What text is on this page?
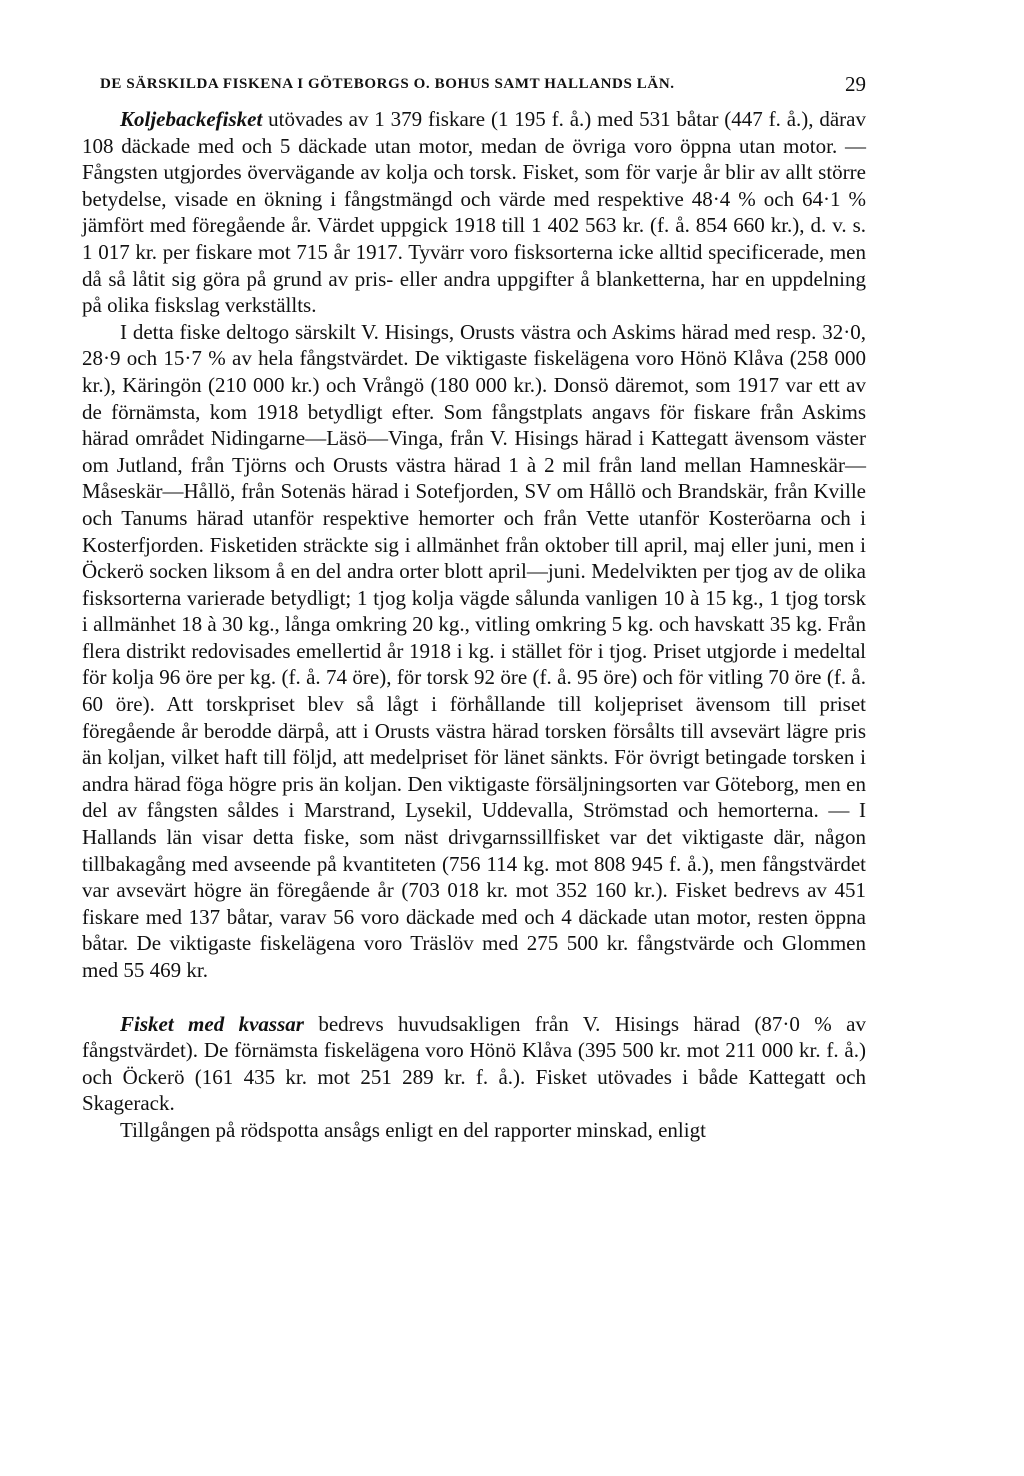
DE SÄRSKILDA FISKENA I GÖTEBORGS O. BOHUS SAMT HALLANDS LÄN.	29

Koljebackefisket utövades av 1 379 fiskare (1 195 f. å.) med 531 båtar (447 f. å.), därav 108 däckade med och 5 däckade utan motor, medan de övriga voro öppna utan motor. — Fångsten utgjordes övervägande av kolja och torsk. Fisket, som för varje år blir av allt större betydelse, visade en ökning i fångstmängd och värde med respektive 48·4 % och 64·1 % jämfört med föregående år. Värdet uppgick 1918 till 1 402 563 kr. (f. å. 854 660 kr.), d. v. s. 1 017 kr. per fiskare mot 715 år 1917. Tyvärr voro fisksorterna icke alltid specificerade, men då så låtit sig göra på grund av pris- eller andra uppgifter å blanketterna, har en uppdelning på olika fiskslag verkställts.

I detta fiske deltogo särskilt V. Hisings, Orusts västra och Askims härad med resp. 32·0, 28·9 och 15·7 % av hela fångstvärdet. De viktigaste fiskelägena voro Hönö Klåva (258 000 kr.), Käringön (210 000 kr.) och Vrångö (180 000 kr.). Donsö däremot, som 1917 var ett av de förnämsta, kom 1918 betydligt efter. Som fångstplats angavs för fiskare från Askims härad området Nidingarne—Läsö—Vinga, från V. Hisings härad i Kattegatt ävensom väster om Jutland, från Tjörns och Orusts västra härad 1 à 2 mil från land mellan Hamneskär—Måseskär—Hållö, från Sotenäs härad i Sotefjorden, SV om Hållö och Brandskär, från Kville och Tanums härad utanför respektive hemorter och från Vette utanför Kosteröarna och i Kosterfjorden. Fisketiden sträckte sig i allmänhet från oktober till april, maj eller juni, men i Öckerö socken liksom å en del andra orter blott april—juni. Medelvikten per tjog av de olika fisksorterna varierade betydligt; 1 tjog kolja vägde sålunda vanligen 10 à 15 kg., 1 tjog torsk i allmänhet 18 à 30 kg., långa omkring 20 kg., vitling omkring 5 kg. och havskatt 35 kg. Från flera distrikt redovisades emellertid år 1918 i kg. i stället för i tjog. Priset utgjorde i medeltal för kolja 96 öre per kg. (f. å. 74 öre), för torsk 92 öre (f. å. 95 öre) och för vitling 70 öre (f. å. 60 öre). Att torskpriset blev så lågt i förhållande till koljepriset ävensom till priset föregående år berodde därpå, att i Orusts västra härad torsken försålts till avsevärt lägre pris än koljan, vilket haft till följd, att medelpriset för länet sänkts. För övrigt betingade torsken i andra härad föga högre pris än koljan. Den viktigaste försäljningsorten var Göteborg, men en del av fångsten såldes i Marstrand, Lysekil, Uddevalla, Strömstad och hemorterna. — I Hallands län visar detta fiske, som näst drivgarnssillfisket var det viktigaste där, någon tillbakagång med avseende på kvantiteten (756 114 kg. mot 808 945 f. å.), men fångstvärdet var avsevärt högre än föregående år (703 018 kr. mot 352 160 kr.). Fisket bedrevs av 451 fiskare med 137 båtar, varav 56 voro däckade med och 4 däckade utan motor, resten öppna båtar. De viktigaste fiskelägena voro Träslöv med 275 500 kr. fångstvärde och Glommen med 55 469 kr.

Fisket med kvassar bedrevs huvudsakligen från V. Hisings härad (87·0 % av fångstvärdet). De förnämsta fiskelägena voro Hönö Klåva (395 500 kr. mot 211 000 kr. f. å.) och Öckerö (161 435 kr. mot 251 289 kr. f. å.). Fisket utövades i både Kattegatt och Skagerack.

Tillgången på rödspotta ansågs enligt en del rapporter minskad, enligt
